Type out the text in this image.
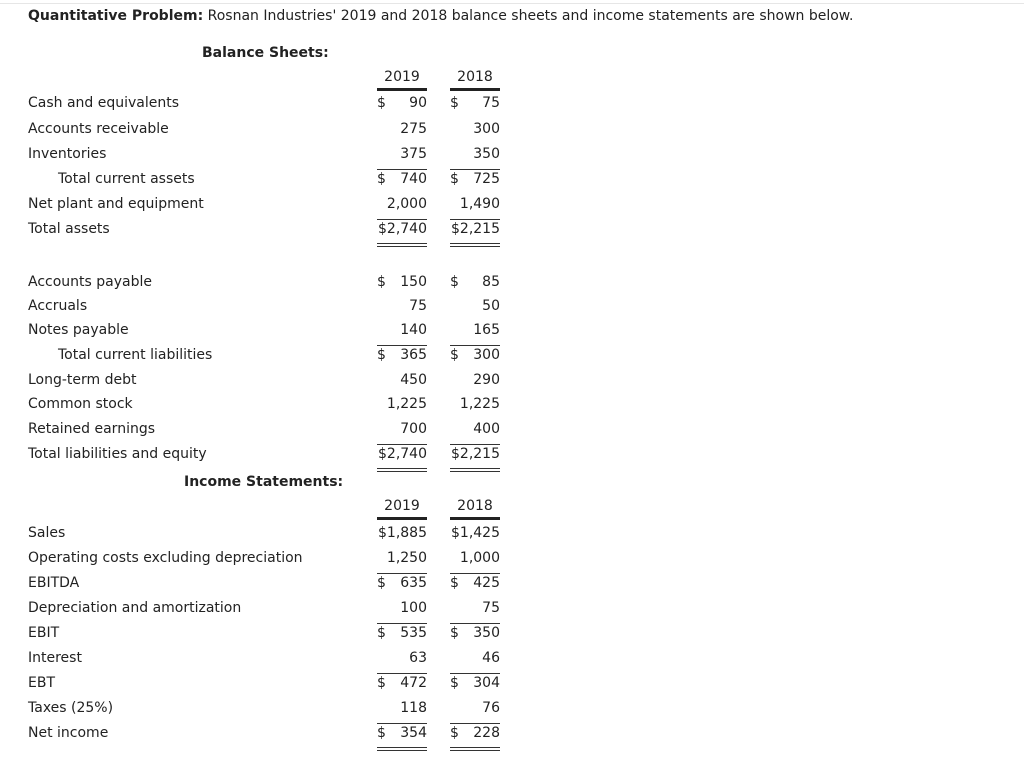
Quantitative Problem: Rosnan Industries' 2019 and 2018 balance sheets and income statements are shown below.
Balance Sheets:
2019	2018
Cash and equivalents	$ 90 $ 75
Accounts receivable	275	300
Inventories	375	350
Total current assets	$ 740 $ 725
Net plant and equipment	2,000 1,490
Total assets	$2,740 $2,215
Accounts payable	$ 150 $ 85
Accruals	75	50
Notes payable	140	165
Total current liabilities	$ 365 $ 300
Long-term debt	450	290
Common stock	1,225 1,225
Retained earnings	700	400
Total liabilities and equity	$2,740 $2,215
Income Statements:
2019	2018
Sales	$1,885 $1,425
Operating costs excluding depreciation	1,250 1,000
EBITDA	$ 635 $ 425
Depreciation and amortization	100	75
EBIT	$ 535 $ 350
Interest	63	46
EBT	$ 472 $ 304
Taxes (25%)	118	76
Net income	$ 354 $ 228
